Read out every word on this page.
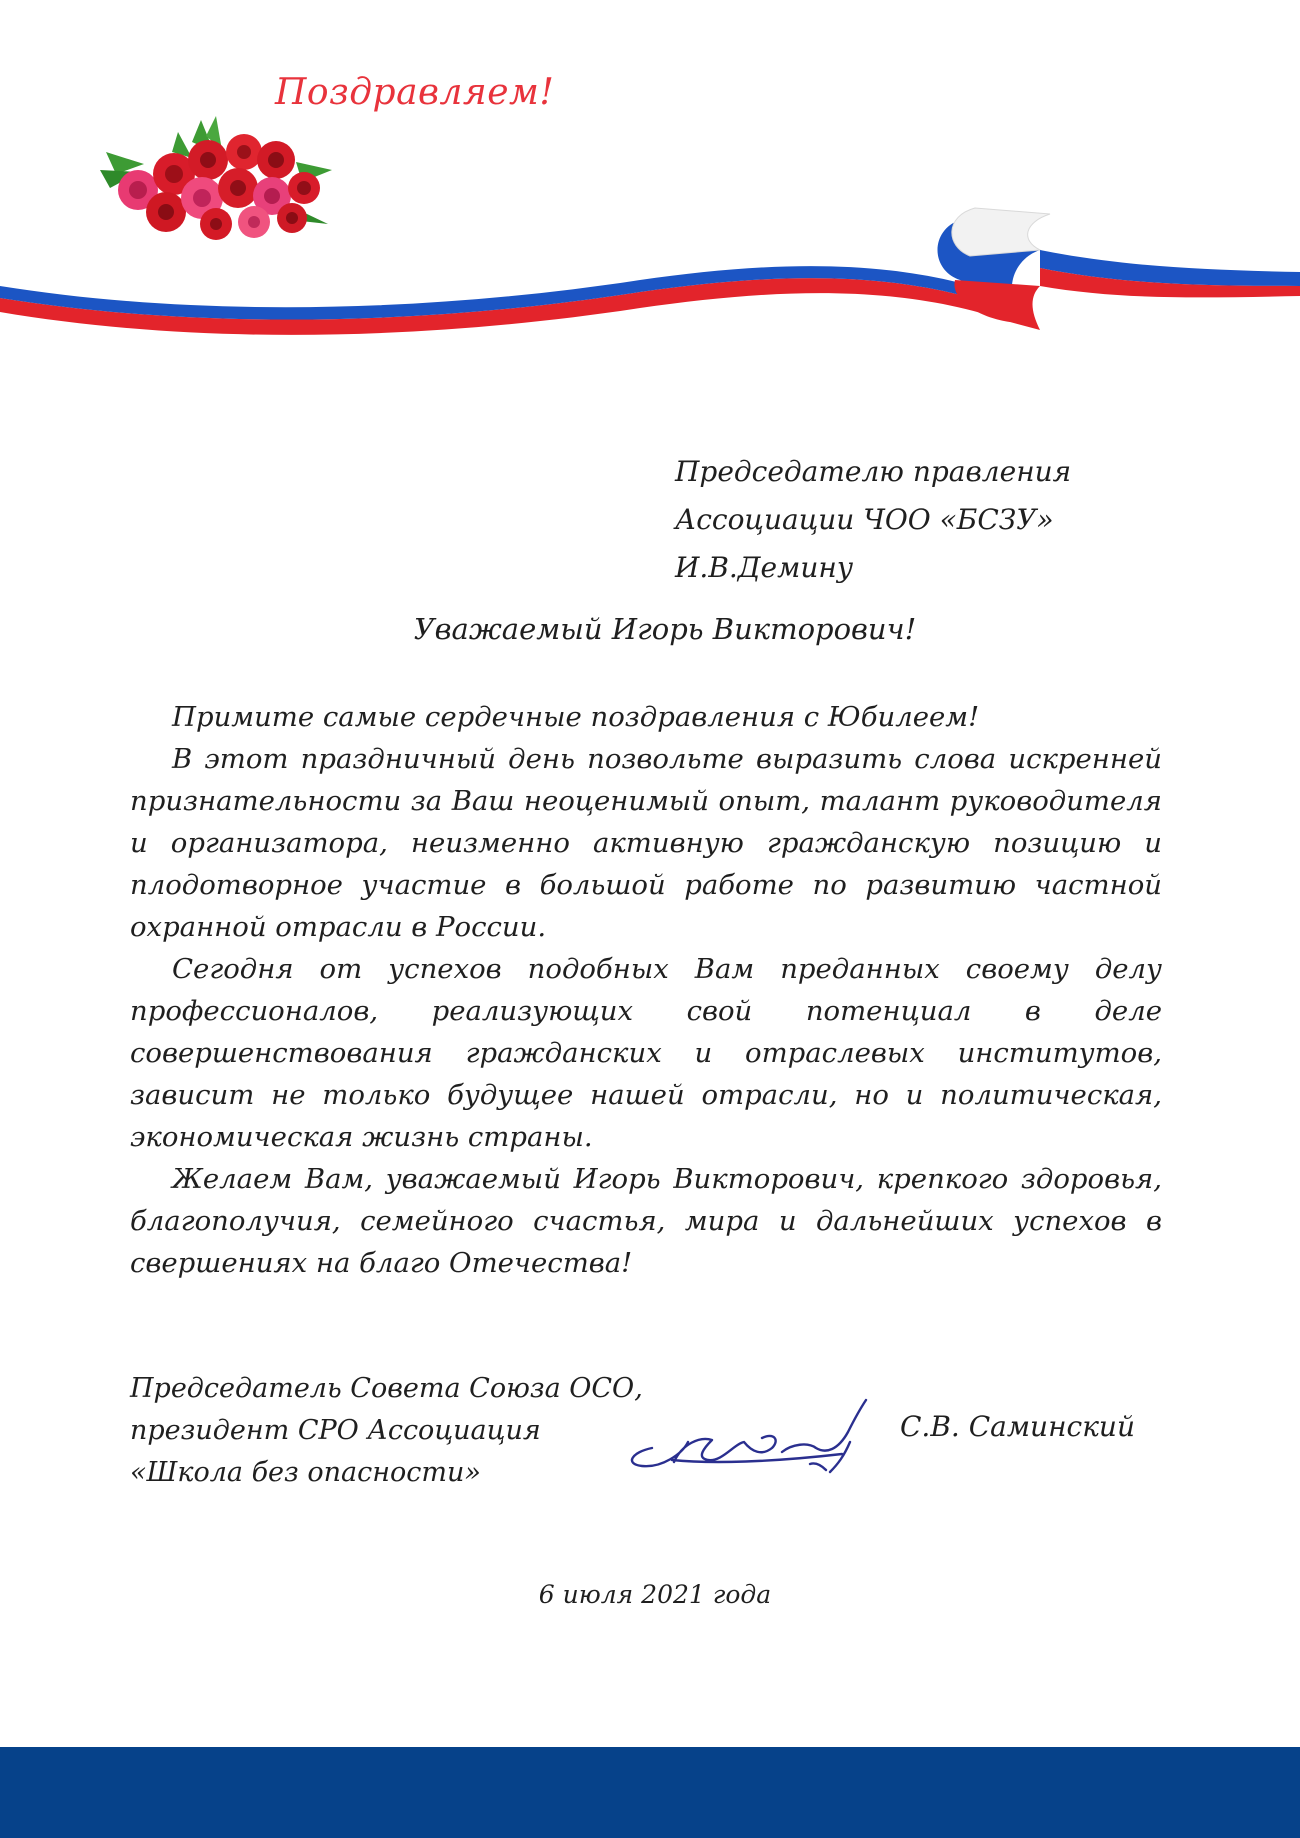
Поздравляем!
Председателю правления
Ассоциации ЧОО «БСЗУ»
И.В.Демину
Уважаемый Игорь Викторович!

Примите самые сердечные поздравления с Юбилеем!

В этот праздничный день позвольте выразить слова искренней признательности за Ваш неоценимый опыт, талант руководителя и организатора, неизменно активную гражданскую позицию и плодотворное участие в большой работе по развитию частной охранной отрасли в России.

Сегодня от успехов подобных Вам преданных своему делу профессионалов, реализующих свой потенциал в деле совершенствования гражданских и отраслевых институтов, зависит не только будущее нашей отрасли, но и политическая, экономическая жизнь страны.

Желаем Вам, уважаемый Игорь Викторович, крепкого здоровья, благополучия, семейного счастья, мира и дальнейших успехов в свершениях на благо Отечества!

Председатель Совета Союза ОСО,
президент СРО Ассоциация
«Школа без опасности»
С.В. Саминский
6 июля 2021 года
